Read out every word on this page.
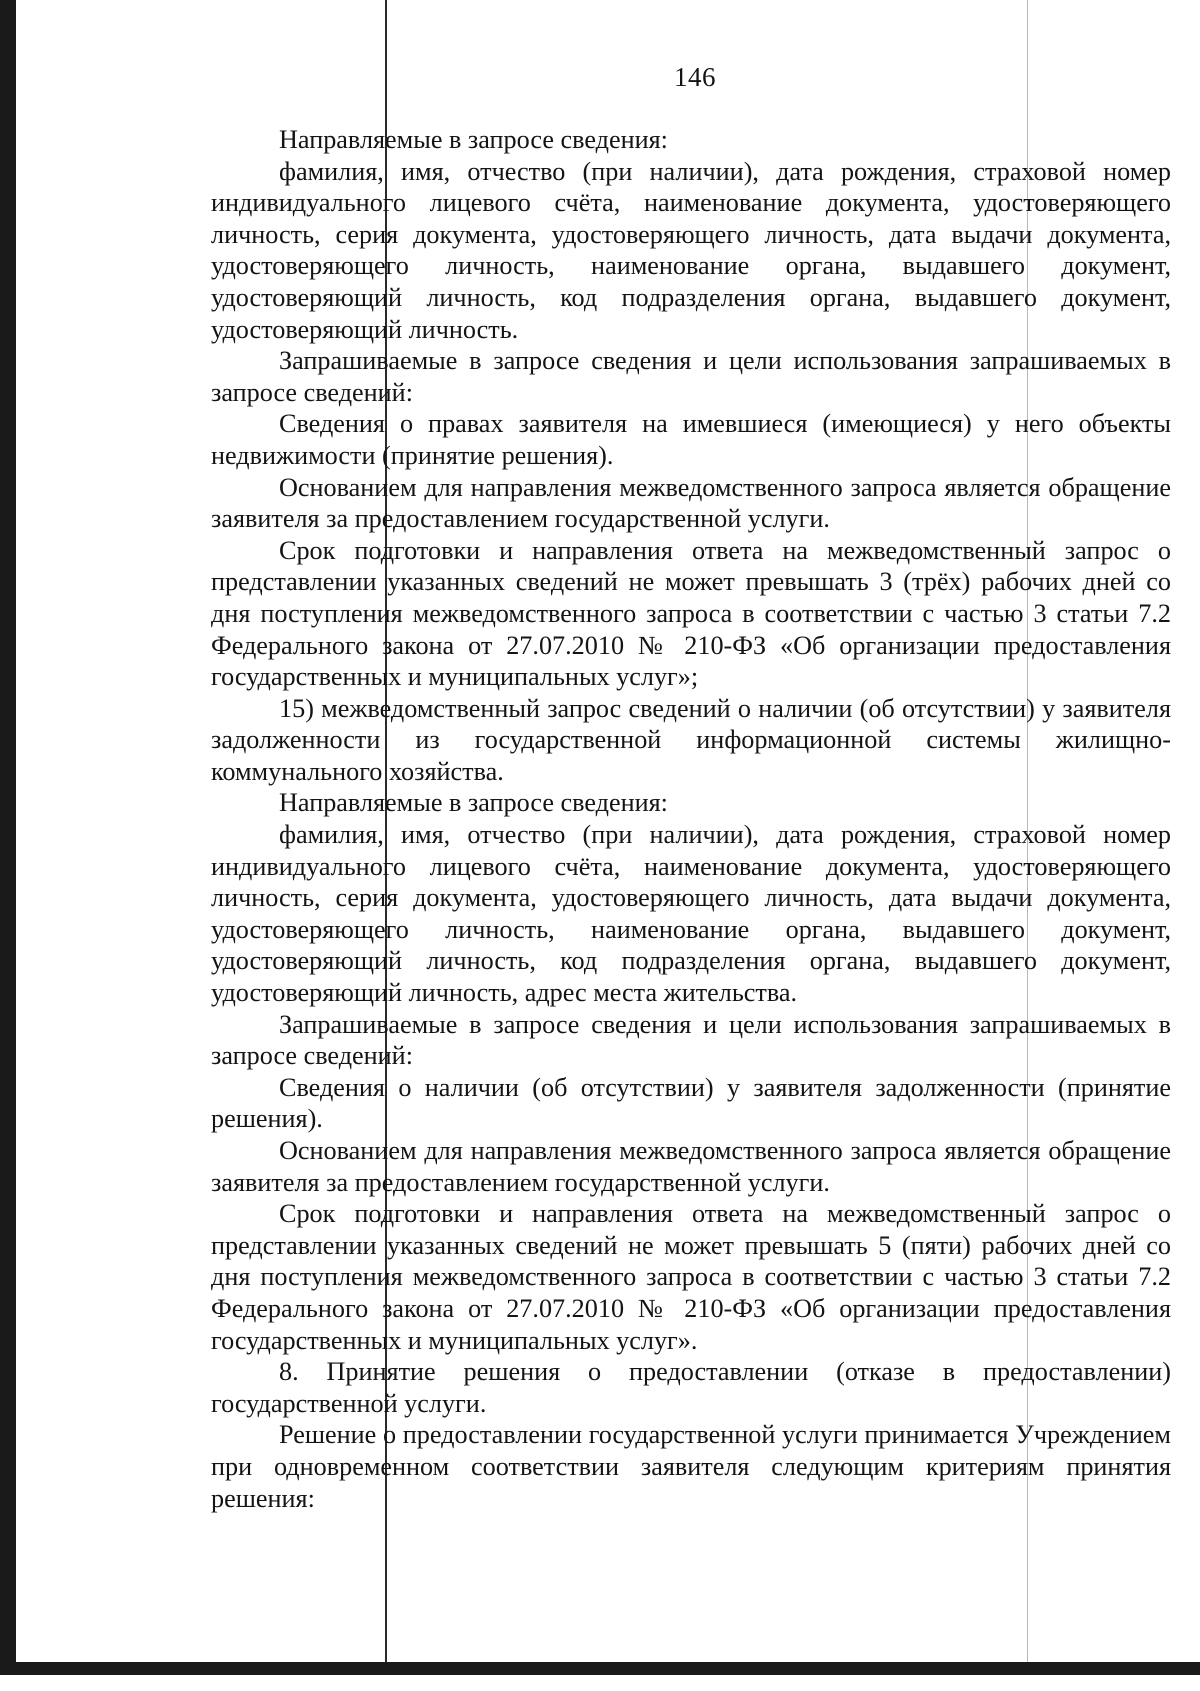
146

Направляемые в запросе сведения:

фамилия, имя, отчество (при наличии), дата рождения, страховой номер индивидуального лицевого счёта, наименование документа, удостоверяющего личность, серия документа, удостоверяющего личность, дата выдачи документа, удостоверяющего личность, наименование органа, выдавшего документ, удостоверяющий личность, код подразделения органа, выдавшего документ, удостоверяющий личность.

Запрашиваемые в запросе сведения и цели использования запрашиваемых в запросе сведений:

Сведения о правах заявителя на имевшиеся (имеющиеся) у него объекты недвижимости (принятие решения).

Основанием для направления межведомственного запроса является обращение заявителя за предоставлением государственной услуги.

Срок подготовки и направления ответа на межведомственный запрос о представлении указанных сведений не может превышать 3 (трёх) рабочих дней со дня поступления межведомственного запроса в соответствии с частью 3 статьи 7.2 Федерального закона от 27.07.2010 № 210-ФЗ «Об организации предоставления государственных и муниципальных услуг»;

15) межведомственный запрос сведений о наличии (об отсутствии) у заявителя задолженности из государственной информационной системы жилищно-коммунального хозяйства.

Направляемые в запросе сведения:

фамилия, имя, отчество (при наличии), дата рождения, страховой номер индивидуального лицевого счёта, наименование документа, удостоверяющего личность, серия документа, удостоверяющего личность, дата выдачи документа, удостоверяющего личность, наименование органа, выдавшего документ, удостоверяющий личность, код подразделения органа, выдавшего документ, удостоверяющий личность, адрес места жительства.

Запрашиваемые в запросе сведения и цели использования запрашиваемых в запросе сведений:

Сведения о наличии (об отсутствии) у заявителя задолженности (принятие решения).

Основанием для направления межведомственного запроса является обращение заявителя за предоставлением государственной услуги.

Срок подготовки и направления ответа на межведомственный запрос о представлении указанных сведений не может превышать 5 (пяти) рабочих дней со дня поступления межведомственного запроса в соответствии с частью 3 статьи 7.2 Федерального закона от 27.07.2010 № 210-ФЗ «Об организации предоставления государственных и муниципальных услуг».

8. Принятие решения о предоставлении (отказе в предоставлении) государственной услуги.

Решение о предоставлении государственной услуги принимается Учреждением при одновременном соответствии заявителя следующим критериям принятия решения:
